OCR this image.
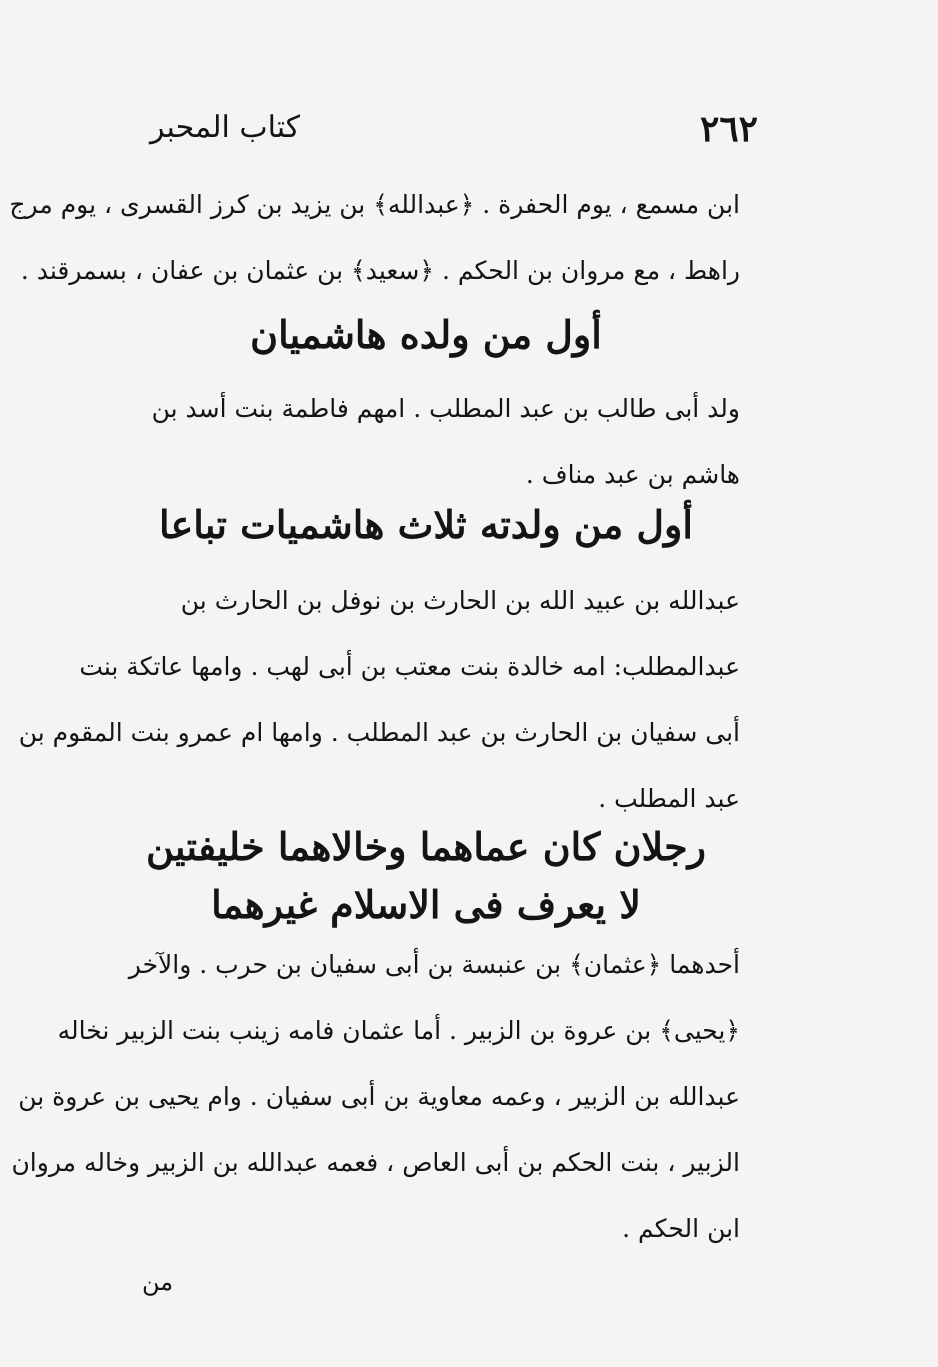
٢٦٢
كتاب المحبر
ابن مسمع ، يوم الحفرة . ﴿عبدالله﴾ بن يزيد بن كرز القسرى ، يوم مرج
راهط ، مع مروان بن الحكم . ﴿سعيد﴾ بن عثمان بن عفان ، بسمرقند .
أول من ولده هاشميان
ولد أبى طالب بن عبد المطلب . امهم فاطمة بنت أسد بن
هاشم بن عبد مناف .
أول من ولدته ثلاث هاشميات تباعا
عبدالله بن عبيد الله بن الحارث بن نوفل بن الحارث بن
عبدالمطلب: امه خالدة بنت معتب بن أبى لهب . وامها عاتكة بنت
أبى سفيان بن الحارث بن عبد المطلب . وامها ام عمرو بنت المقوم بن
عبد المطلب .
رجلان كان عماهما وخالاهما خليفتين
لا يعرف فى الاسلام غيرهما
أحدهما ﴿عثمان﴾ بن عنبسة بن أبى سفيان بن حرب . والآخر
﴿يحيى﴾ بن عروة بن الزبير . أما عثمان فامه زينب بنت الزبير نخاله
عبدالله بن الزبير ، وعمه معاوية بن أبى سفيان . وام يحيى بن عروة بن
الزبير ، بنت الحكم بن أبى العاص ، فعمه عبدالله بن الزبير وخاله مروان
ابن الحكم .
من
